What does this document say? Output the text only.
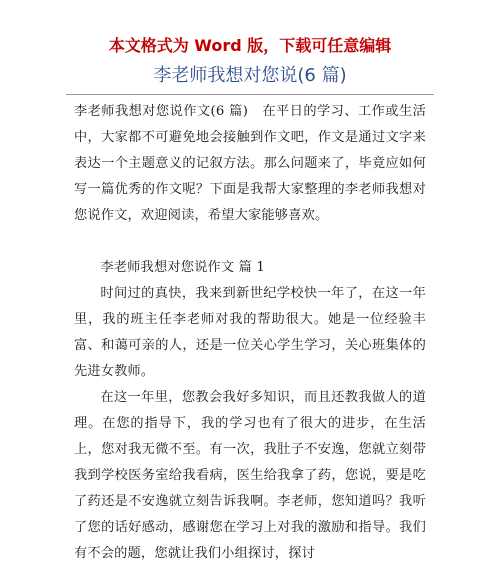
本文格式为 Word 版，下载可任意编辑
李老师我想对您说(6 篇)

李老师我想对您说作文(6 篇) 在平日的学习、工作或生活中，大家都不可避免地会接触到作文吧，作文是通过文字来表达一个主题意义的记叙方法。那么问题来了，毕竟应如何写一篇优秀的作文呢？下面是我帮大家整理的李老师我想对您说作文，欢迎阅读，希望大家能够喜欢。

李老师我想对您说作文 篇 1

时间过的真快，我来到新世纪学校快一年了，在这一年里，我的班主任李老师对我的帮助很大。她是一位经验丰富、和蔼可亲的人，还是一位关心学生学习，关心班集体的先进女教师。

在这一年里，您教会我好多知识，而且还教我做人的道理。在您的指导下，我的学习也有了很大的进步，在生活上，您对我无微不至。有一次，我肚子不安逸，您就立刻带我到学校医务室给我看病，医生给我拿了药，您说，要是吃了药还是不安逸就立刻告诉我啊。李老师，您知道吗？我听了您的话好感动，感谢您在学习上对我的激励和指导。我们有不会的题，您就让我们小组探讨，探讨
